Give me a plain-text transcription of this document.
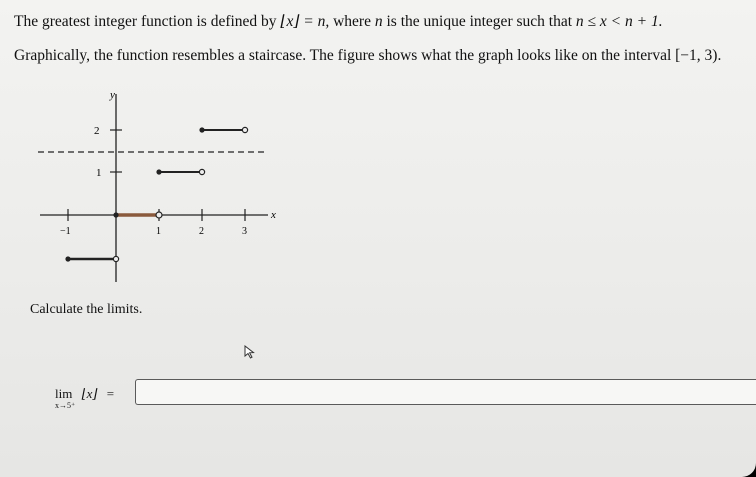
The greatest integer function is defined by ⌊x⌋ = n, where n is the unique integer such that n ≤ x < n + 1.
Graphically, the function resembles a staircase. The figure shows what the graph looks like on the interval [−1, 3).
y
x
2
1
−1	1	2	3
Calculate the limits.
lim
x→5⁺
⌊x⌋ =
